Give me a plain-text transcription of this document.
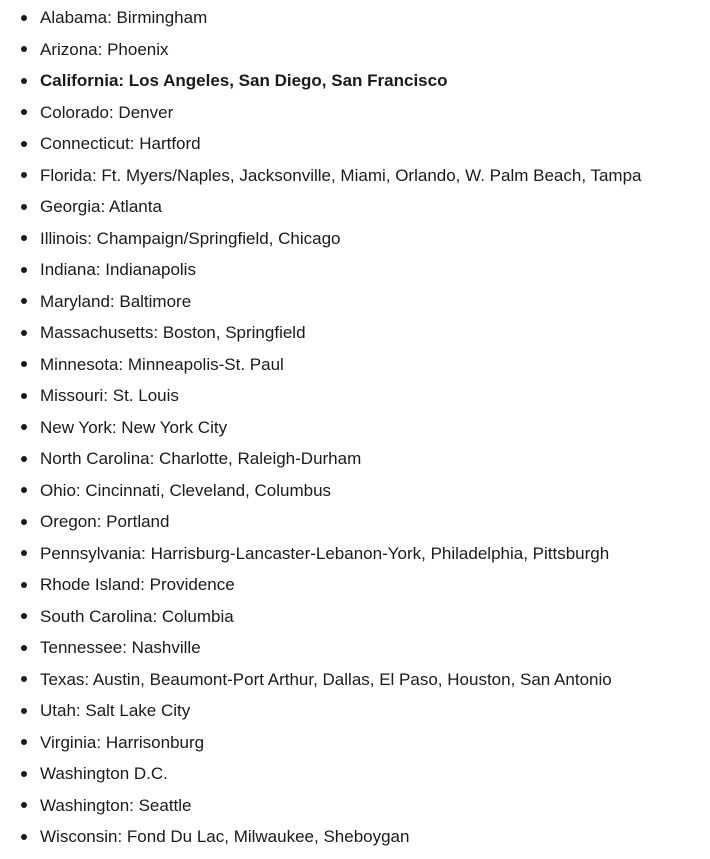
Alabama: Birmingham
Arizona: Phoenix
California: Los Angeles, San Diego, San Francisco
Colorado: Denver
Connecticut: Hartford
Florida: Ft. Myers/Naples, Jacksonville, Miami, Orlando, W. Palm Beach, Tampa
Georgia: Atlanta
Illinois: Champaign/Springfield, Chicago
Indiana: Indianapolis
Maryland: Baltimore
Massachusetts: Boston, Springfield
Minnesota: Minneapolis-St. Paul
Missouri: St. Louis
New York: New York City
North Carolina: Charlotte, Raleigh-Durham
Ohio: Cincinnati, Cleveland, Columbus
Oregon: Portland
Pennsylvania: Harrisburg-Lancaster-Lebanon-York, Philadelphia, Pittsburgh
Rhode Island: Providence
South Carolina: Columbia
Tennessee: Nashville
Texas: Austin, Beaumont-Port Arthur, Dallas, El Paso, Houston, San Antonio
Utah: Salt Lake City
Virginia: Harrisonburg
Washington D.C.
Washington: Seattle
Wisconsin: Fond Du Lac, Milwaukee, Sheboygan
